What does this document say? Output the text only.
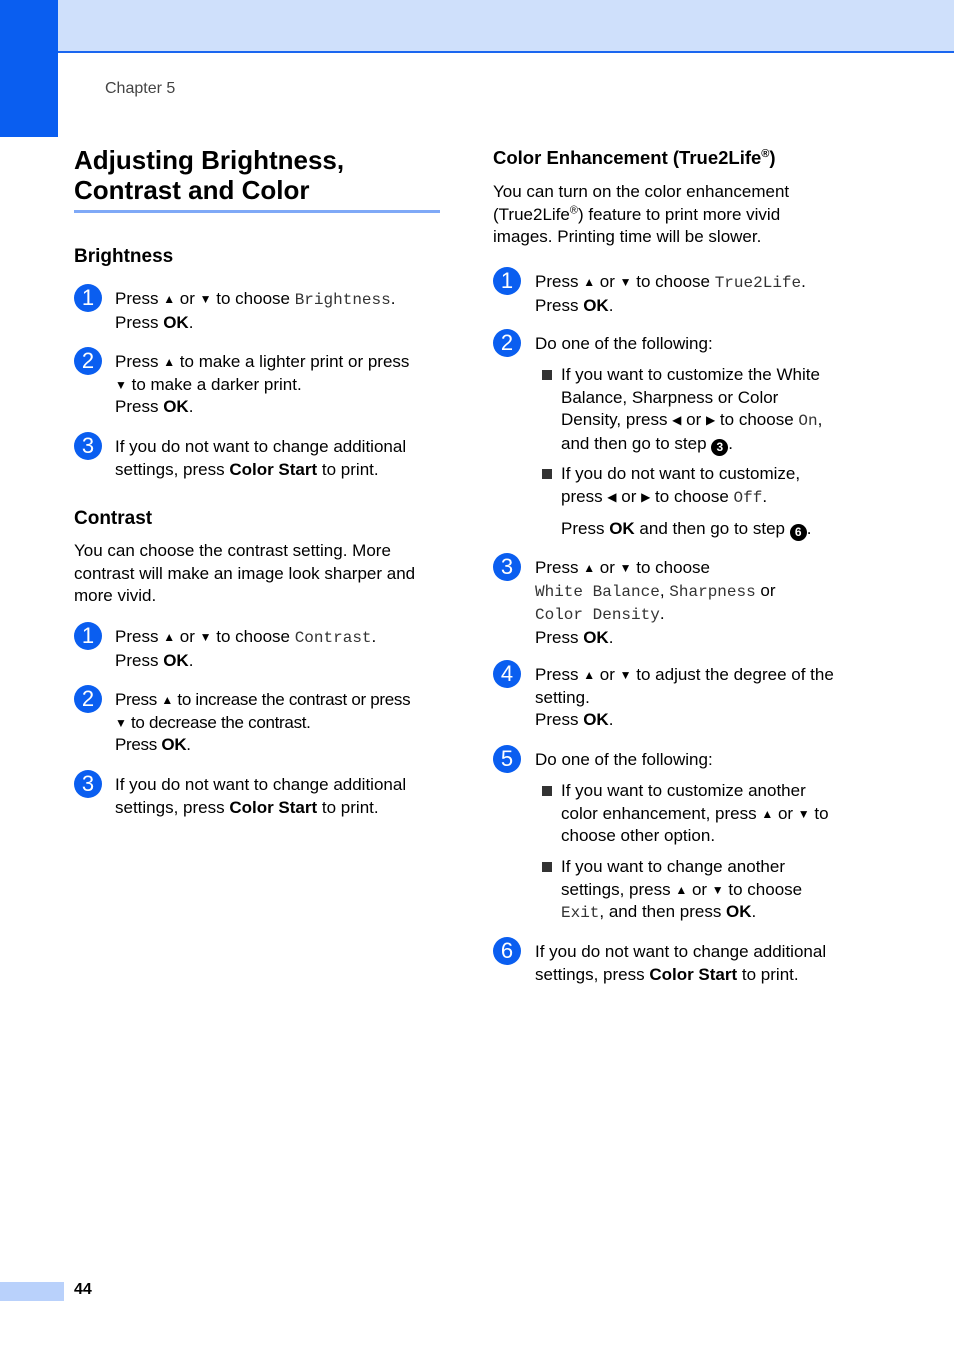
Chapter 5
Adjusting Brightness,
Contrast and Color
Brightness
1	Press ▲ or ▼ to choose Brightness.
Press OK.
2	Press ▲ to make a lighter print or press
▼ to make a darker print.
Press OK.
3	If you do not want to change additional
settings, press Color Start to print.
Contrast
You can choose the contrast setting. More
contrast will make an image look sharper and
more vivid.
1	Press ▲ or ▼ to choose Contrast.
Press OK.
2	Press ▲ to increase the contrast or press
▼ to decrease the contrast.
Press OK.
3	If you do not want to change additional
settings, press Color Start to print.
Color Enhancement (True2Life®)
You can turn on the color enhancement
(True2Life®) feature to print more vivid
images. Printing time will be slower.
1	Press ▲ or ▼ to choose True2Life.
Press OK.
2	Do one of the following:
If you want to customize the White
Balance, Sharpness or Color
Density, press ◀ or ▶ to choose On,
and then go to step 3 .
If you do not want to customize,
press ◀ or ▶ to choose Off.
Press OK and then go to step 6 .
3	Press ▲ or ▼ to choose
White Balance, Sharpness or
Color Density.
Press OK.
4	Press ▲ or ▼ to adjust the degree of the
setting.
Press OK.
5	Do one of the following:
If you want to customize another
color enhancement, press ▲ or ▼ to
choose other option.
If you want to change another
settings, press ▲ or ▼ to choose
Exit, and then press OK.
6	If you do not want to change additional
settings, press Color Start to print.
44
